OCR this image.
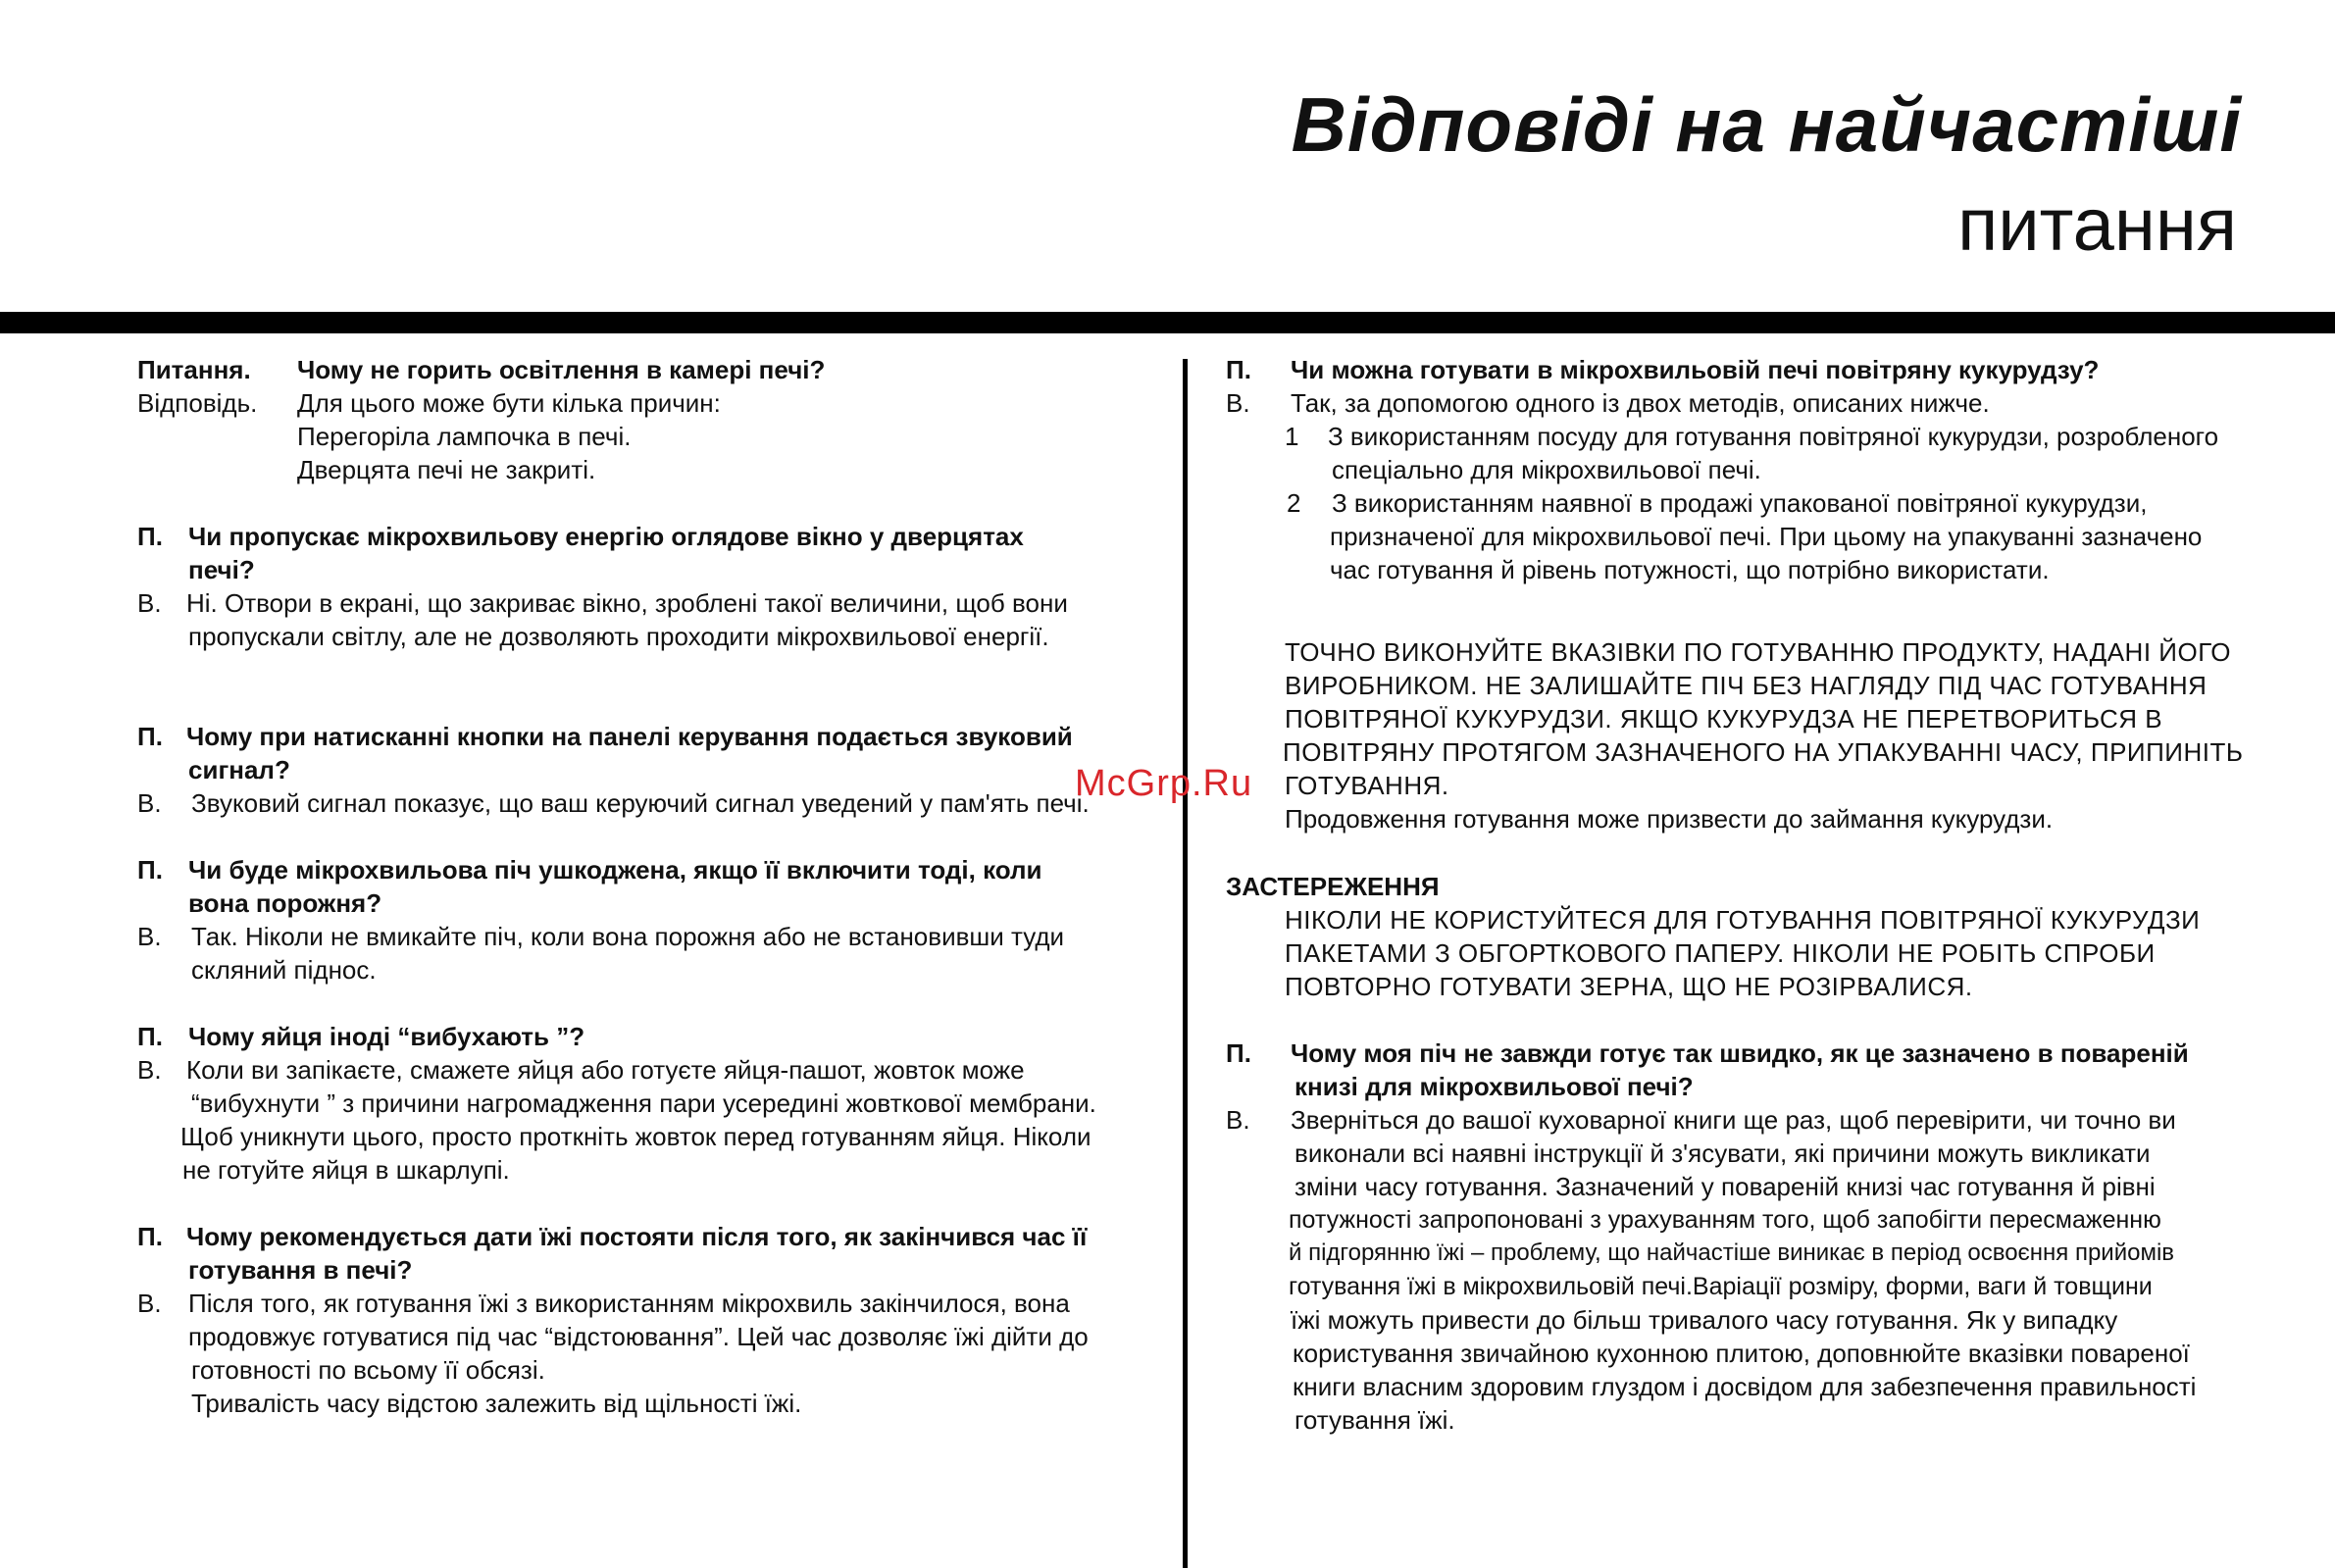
Відповіді на найчастіші
питання
Питання. Чому не горить освітлення в камері печі?
Відповідь. Для цього може бути кілька причин:
Перегоріла лампочка в печі.
Дверцята печі не закриті.
П. Чи пропускає мікрохвильову енергію оглядове вікно у дверцятах
печі?
В. Ні. Отвори в екрані, що закриває вікно, зроблені такої величини, щоб вони
пропускали світлу, але не дозволяють проходити мікрохвильової енергії.
П. Чому при натисканні кнопки на панелі керування подається звуковий
сигнал?
В. Звуковий сигнал показує, що ваш керуючий сигнал уведений у пам'ять печі.
П. Чи буде мікрохвильова піч ушкоджена, якщо її включити тоді, коли
вона порожня?
В. Так. Ніколи не вмикайте піч, коли вона порожня або не встановивши туди
скляний піднос.
П. Чому яйця іноді “вибухають ”?
В. Коли ви запікаєте, смажете яйця або готуєте яйця-пашот, жовток може
“вибухнути ” з причини нагромадження пари усередині жовткової мембрани.
Щоб уникнути цього, просто проткніть жовток перед готуванням яйця. Ніколи
не готуйте яйця в шкарлупі.
П. Чому рекомендується дати їжі постояти після того, як закінчився час її
готування в печі?
В. Після того, як готування їжі з використанням мікрохвиль закінчилося, вона
продовжує готуватися під час “відстоювання”. Цей час дозволяє їжі дійти до
готовності по всьому її обсязі.
Тривалість часу відстою залежить від щільності їжі.
П. Чи можна готувати в мікрохвильовій печі повітряну кукурудзу?
В. Так, за допомогою одного із двох методів, описаних нижче.
1 З використанням посуду для готування повітряної кукурудзи, розробленого
спеціально для мікрохвильової печі.
2 З використанням наявної в продажі упакованої повітряної кукурудзи,
призначеної для мікрохвильової печі. При цьому на упакуванні зазначено
час готування й рівень потужності, що потрібно використати.
ТОЧНО ВИКОНУЙТЕ ВКАЗІВКИ ПО ГОТУВАННЮ ПРОДУКТУ, НАДАНІ ЙОГО
ВИРОБНИКОМ. НЕ ЗАЛИШАЙТЕ ПІЧ БЕЗ НАГЛЯДУ ПІД ЧАС ГОТУВАННЯ
ПОВІТРЯНОЇ КУКУРУДЗИ. ЯКЩО КУКУРУДЗА НЕ ПЕРЕТВОРИТЬСЯ В
ПОВІТРЯНУ ПРОТЯГОМ ЗАЗНАЧЕНОГО НА УПАКУВАННІ ЧАСУ, ПРИПИНІТЬ
ГОТУВАННЯ.
Продовження готування може призвести до займання кукурудзи.
ЗАСТЕРЕЖЕННЯ
НІКОЛИ НЕ КОРИСТУЙТЕСЯ ДЛЯ ГОТУВАННЯ ПОВІТРЯНОЇ КУКУРУДЗИ
ПАКЕТАМИ З ОБГОРТКОВОГО ПАПЕРУ. НІКОЛИ НЕ РОБІТЬ СПРОБИ
ПОВТОРНО ГОТУВАТИ ЗЕРНА, ЩО НЕ РОЗІРВАЛИСЯ.
П. Чому моя піч не завжди готує так швидко, як це зазначено в повареній
книзі для мікрохвильової печі?
В. Зверніться до вашої куховарної книги ще раз, щоб перевірити, чи точно ви
виконали всі наявні інструкції й з'ясувати, які причини можуть викликати
зміни часу готування. Зазначений у повареній книзі час готування й рівні
потужності запропоновані з урахуванням того, щоб запобігти пересмаженню
й підгорянню їжі – проблему, що найчастіше виникає в період освоєння прийомів
готування їжі в мікрохвильовій печі.Варіації розміру, форми, ваги й товщини
їжі можуть привести до більш тривалого часу готування. Як у випадку
користування звичайною кухонною плитою, доповнюйте вказівки повареної
книги власним здоровим глуздом і досвідом для забезпечення правильності
готування їжі.
McGrp.Ru
